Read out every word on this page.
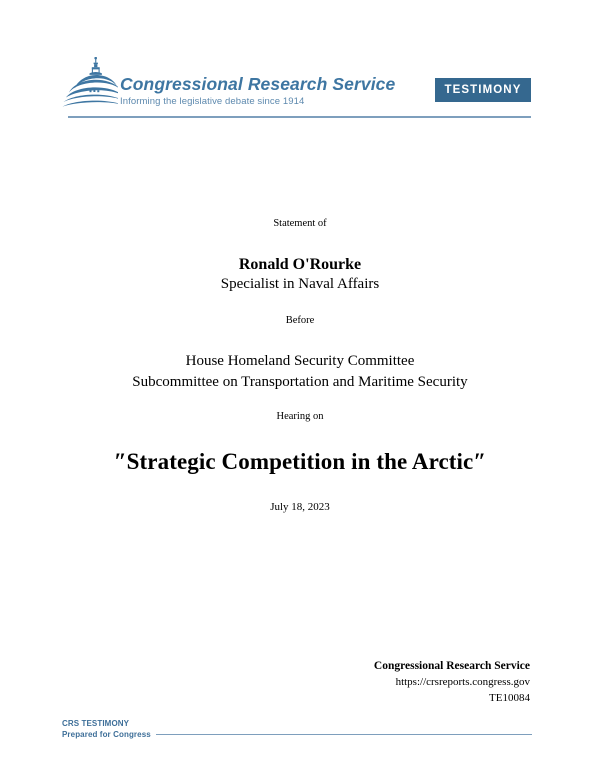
Congressional Research Service
Informing the legislative debate since 1914
TESTIMONY
Statement of
Ronald O'Rourke
Specialist in Naval Affairs
Before
House Homeland Security Committee
Subcommittee on Transportation and Maritime Security
Hearing on
″Strategic Competition in the Arctic″
July 18, 2023
Congressional Research Service
https://crsreports.congress.gov
TE10084
CRS TESTIMONY
Prepared for Congress
